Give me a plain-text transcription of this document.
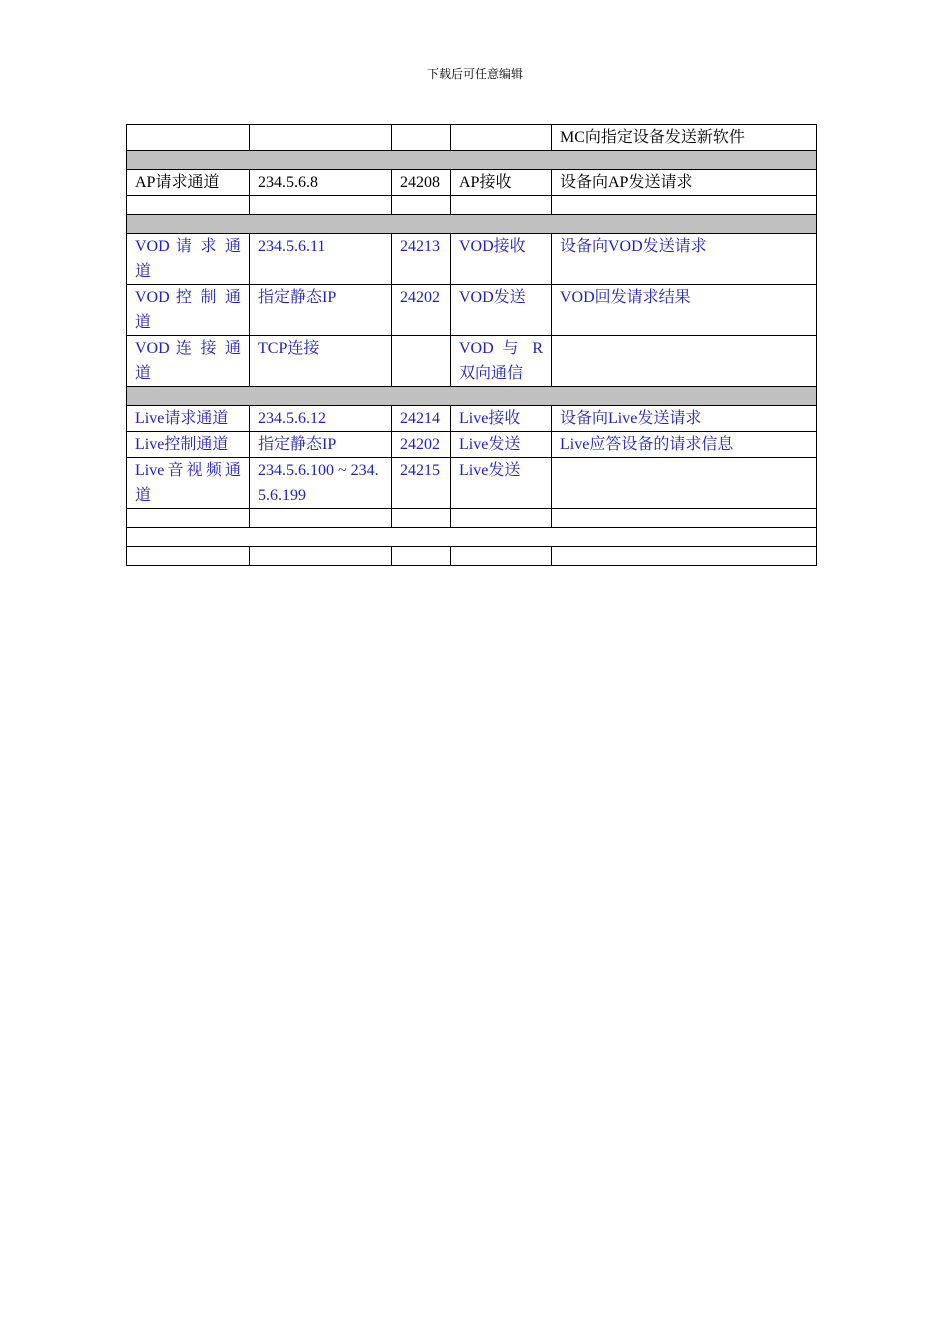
下载后可任意编辑
				MC向指定设备发送新软件

AP请求通道	234.5.6.8	24208	AP接收	设备向AP发送请求

VOD 请 求 通 道	234.5.6.11	24213	VOD接收	设备向VOD发送请求
VOD 控 制 通 道	指定静态IP	24202	VOD发送	VOD回发请求结果
VOD 连 接 通 道	TCP连接		VOD 与 R 双向通信	

Live请求通道	234.5.6.12	24214	Live接收	设备向Live发送请求
Live控制通道	指定静态IP	24202	Live发送	Live应答设备的请求信息
Live音视频通道	234.5.6.100 ~ 234.5.6.199	24215	Live发送	
